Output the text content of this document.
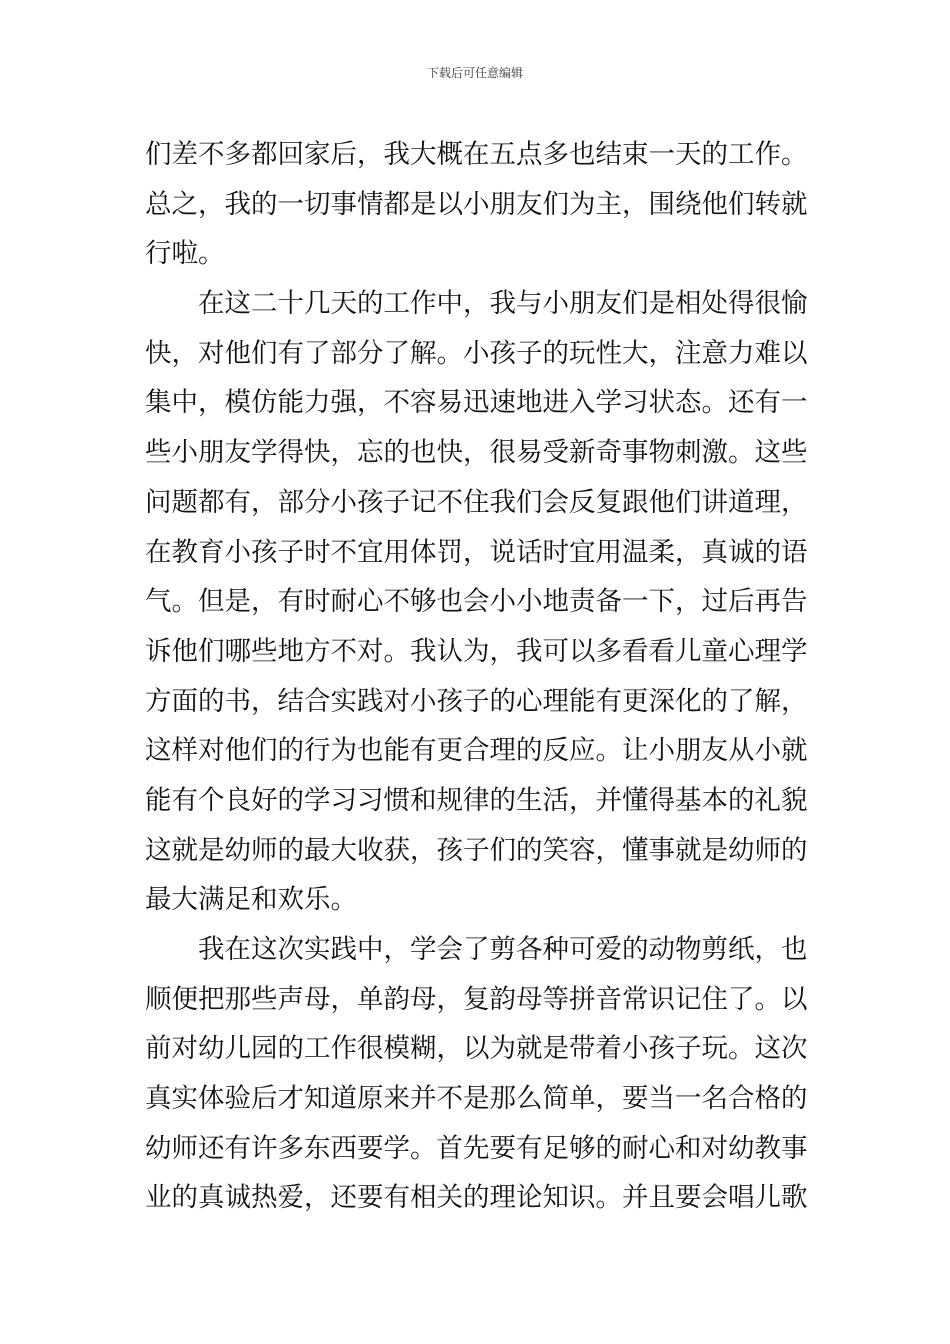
下载后可任意编辑
们差不多都回家后，我大概在五点多也结束一天的工作。
总之，我的一切事情都是以小朋友们为主，围绕他们转就
行啦。
　　在这二十几天的工作中，我与小朋友们是相处得很愉
快，对他们有了部分了解。小孩子的玩性大，注意力难以
集中，模仿能力强，不容易迅速地进入学习状态。还有一
些小朋友学得快，忘的也快，很易受新奇事物刺激。这些
问题都有，部分小孩子记不住我们会反复跟他们讲道理，
在教育小孩子时不宜用体罚，说话时宜用温柔，真诚的语
气。但是，有时耐心不够也会小小地责备一下，过后再告
诉他们哪些地方不对。我认为，我可以多看看儿童心理学
方面的书，结合实践对小孩子的心理能有更深化的了解，
这样对他们的行为也能有更合理的反应。让小朋友从小就
能有个良好的学习习惯和规律的生活，并懂得基本的礼貌
这就是幼师的最大收获，孩子们的笑容，懂事就是幼师的
最大满足和欢乐。
　　我在这次实践中，学会了剪各种可爱的动物剪纸，也
顺便把那些声母，单韵母，复韵母等拼音常识记住了。以
前对幼儿园的工作很模糊，以为就是带着小孩子玩。这次
真实体验后才知道原来并不是那么简单，要当一名合格的
幼师还有许多东西要学。首先要有足够的耐心和对幼教事
业的真诚热爱，还要有相关的理论知识。并且要会唱儿歌
